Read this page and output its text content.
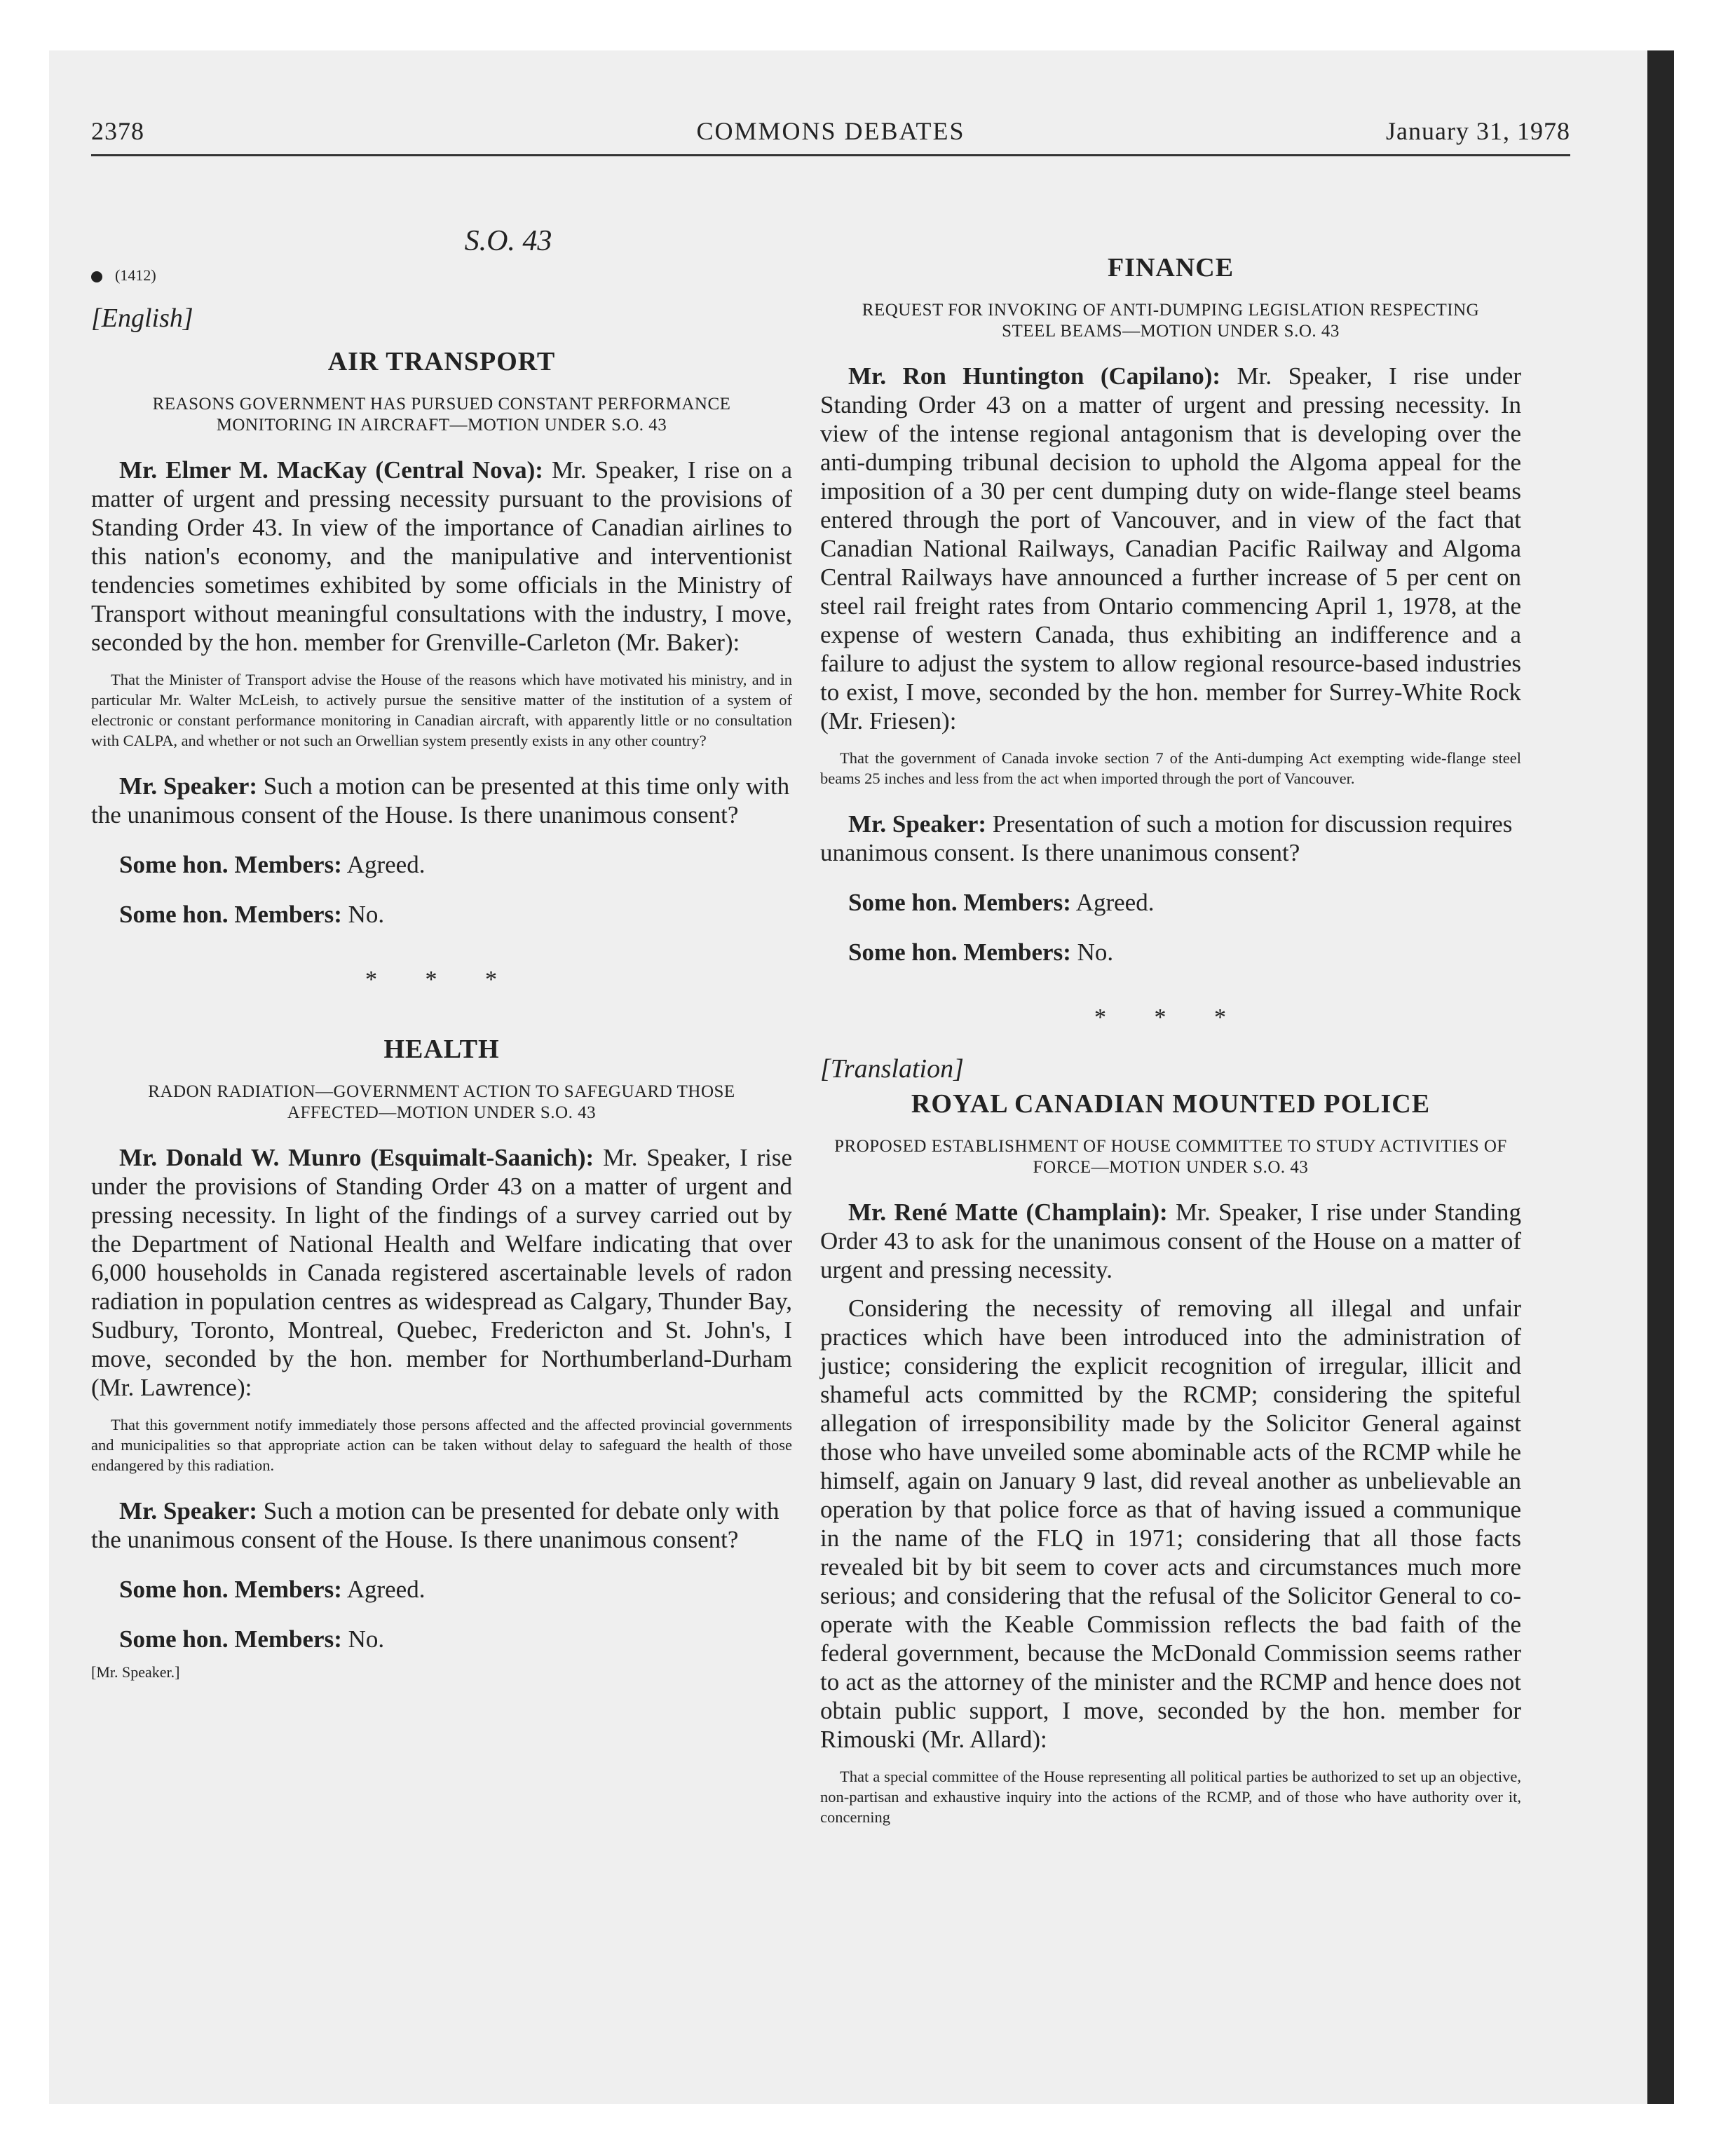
2378	COMMONS DEBATES	January 31, 1978
S.O. 43
(1412)
[English]
AIR TRANSPORT
REASONS GOVERNMENT HAS PURSUED CONSTANT PERFORMANCE MONITORING IN AIRCRAFT—MOTION UNDER S.O. 43

Mr. Elmer M. MacKay (Central Nova): Mr. Speaker, I rise on a matter of urgent and pressing necessity pursuant to the provisions of Standing Order 43. In view of the importance of Canadian airlines to this nation's economy, and the manipulative and interventionist tendencies sometimes exhibited by some officials in the Ministry of Transport without meaningful consultations with the industry, I move, seconded by the hon. member for Grenville-Carleton (Mr. Baker):

That the Minister of Transport advise the House of the reasons which have motivated his ministry, and in particular Mr. Walter McLeish, to actively pursue the sensitive matter of the institution of a system of electronic or constant performance monitoring in Canadian aircraft, with apparently little or no consultation with CALPA, and whether or not such an Orwellian system presently exists in any other country?

Mr. Speaker: Such a motion can be presented at this time only with the unanimous consent of the House. Is there unanimous consent?

Some hon. Members: Agreed.

Some hon. Members: No.

* * *
HEALTH
RADON RADIATION—GOVERNMENT ACTION TO SAFEGUARD THOSE AFFECTED—MOTION UNDER S.O. 43

Mr. Donald W. Munro (Esquimalt-Saanich): Mr. Speaker, I rise under the provisions of Standing Order 43 on a matter of urgent and pressing necessity. In light of the findings of a survey carried out by the Department of National Health and Welfare indicating that over 6,000 households in Canada registered ascertainable levels of radon radiation in population centres as widespread as Calgary, Thunder Bay, Sudbury, Toronto, Montreal, Quebec, Fredericton and St. John's, I move, seconded by the hon. member for Northumberland-Durham (Mr. Lawrence):

That this government notify immediately those persons affected and the affected provincial governments and municipalities so that appropriate action can be taken without delay to safeguard the health of those endangered by this radiation.

Mr. Speaker: Such a motion can be presented for debate only with the unanimous consent of the House. Is there unanimous consent?

Some hon. Members: Agreed.

Some hon. Members: No.

[Mr. Speaker.]
FINANCE
REQUEST FOR INVOKING OF ANTI-DUMPING LEGISLATION RESPECTING STEEL BEAMS—MOTION UNDER S.O. 43

Mr. Ron Huntington (Capilano): Mr. Speaker, I rise under Standing Order 43 on a matter of urgent and pressing necessity. In view of the intense regional antagonism that is developing over the anti-dumping tribunal decision to uphold the Algoma appeal for the imposition of a 30 per cent dumping duty on wide-flange steel beams entered through the port of Vancouver, and in view of the fact that Canadian National Railways, Canadian Pacific Railway and Algoma Central Railways have announced a further increase of 5 per cent on steel rail freight rates from Ontario commencing April 1, 1978, at the expense of western Canada, thus exhibiting an indifference and a failure to adjust the system to allow regional resource-based industries to exist, I move, seconded by the hon. member for Surrey-White Rock (Mr. Friesen):

That the government of Canada invoke section 7 of the Anti-dumping Act exempting wide-flange steel beams 25 inches and less from the act when imported through the port of Vancouver.

Mr. Speaker: Presentation of such a motion for discussion requires unanimous consent. Is there unanimous consent?

Some hon. Members: Agreed.

Some hon. Members: No.

* * *
[Translation]
ROYAL CANADIAN MOUNTED POLICE
PROPOSED ESTABLISHMENT OF HOUSE COMMITTEE TO STUDY ACTIVITIES OF FORCE—MOTION UNDER S.O. 43

Mr. René Matte (Champlain): Mr. Speaker, I rise under Standing Order 43 to ask for the unanimous consent of the House on a matter of urgent and pressing necessity.

Considering the necessity of removing all illegal and unfair practices which have been introduced into the administration of justice; considering the explicit recognition of irregular, illicit and shameful acts committed by the RCMP; considering the spiteful allegation of irresponsibility made by the Solicitor General against those who have unveiled some abominable acts of the RCMP while he himself, again on January 9 last, did reveal another as unbelievable an operation by that police force as that of having issued a communique in the name of the FLQ in 1971; considering that all those facts revealed bit by bit seem to cover acts and circumstances much more serious; and considering that the refusal of the Solicitor General to co-operate with the Keable Commission reflects the bad faith of the federal government, because the McDonald Commission seems rather to act as the attorney of the minister and the RCMP and hence does not obtain public support, I move, seconded by the hon. member for Rimouski (Mr. Allard):

That a special committee of the House representing all political parties be authorized to set up an objective, non-partisan and exhaustive inquiry into the actions of the RCMP, and of those who have authority over it, concerning
